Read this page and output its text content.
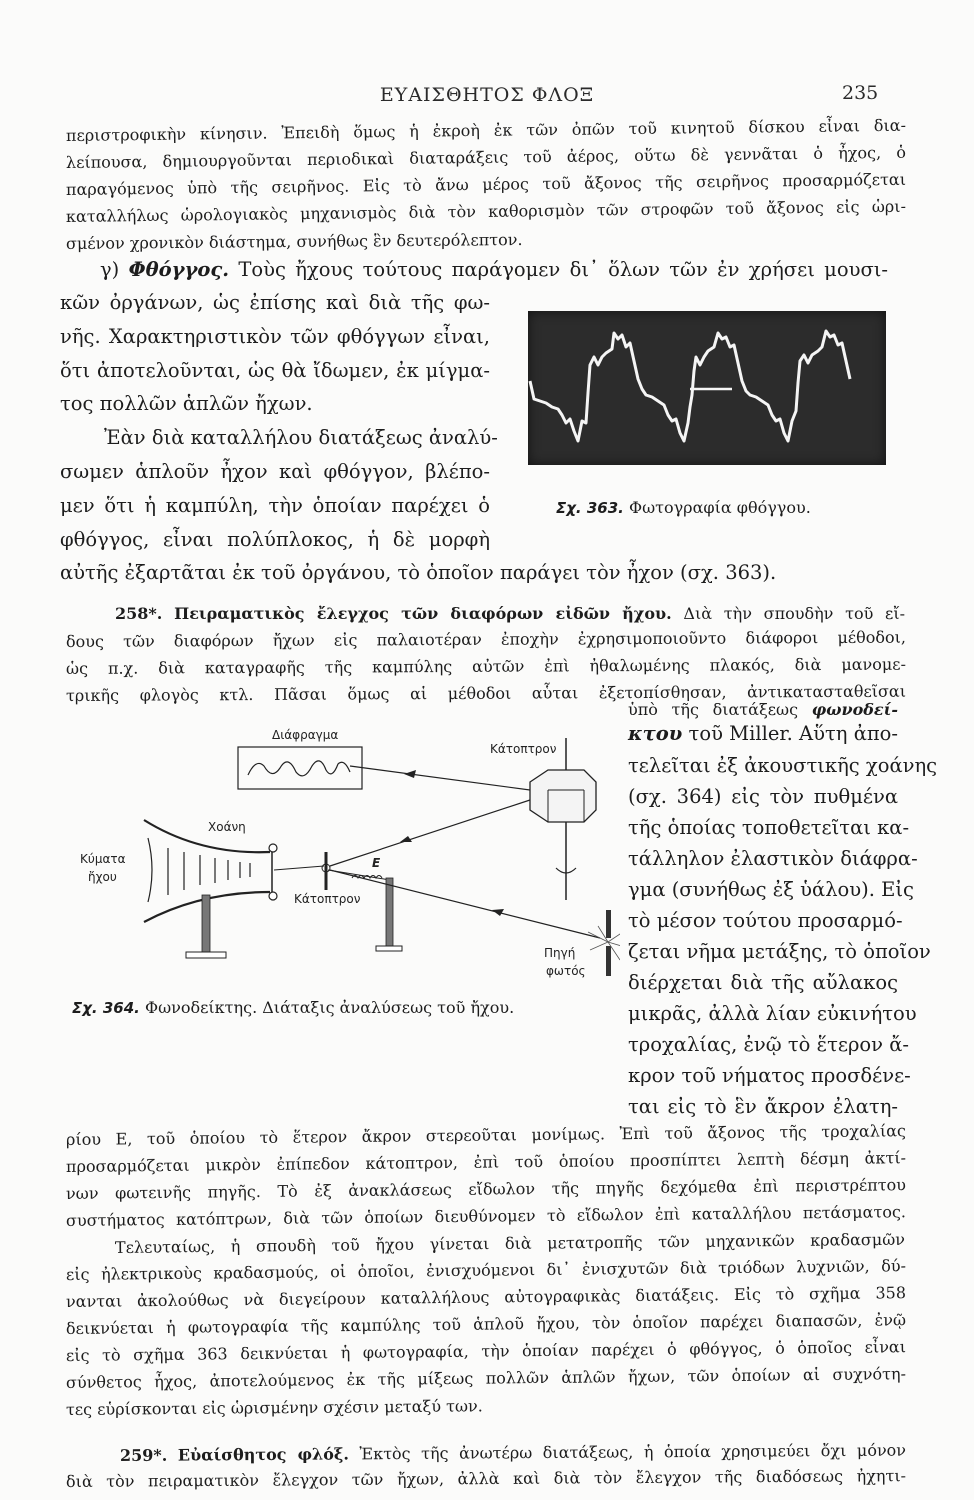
ΕΥΑΙΣΘΗΤΟΣ ΦΛΟΞ	235
περιστροφικὴν κίνησιν. Ἐπειδὴ ὅμως ἡ ἐκροὴ ἐκ τῶν ὀπῶν τοῦ κινητοῦ δίσκου εἶναι δια-
λείπουσα, δημιουργοῦνται περιοδικαὶ διαταράξεις τοῦ ἀέρος, οὕτω δὲ γεννᾶται ὁ ἦχος, ὁ
παραγόμενος ὑπὸ τῆς σειρῆνος. Εἰς τὸ ἄνω μέρος τοῦ ἄξονος τῆς σειρῆνος προσαρμόζεται
καταλλήλως ὡρολογιακὸς μηχανισμὸς διὰ τὸν καθορισμὸν τῶν στροφῶν τοῦ ἄξονος εἰς ὡρι-
σμένον χρονικὸν διάστημα, συνήθως ἓν δευτερόλεπτον.
γ) Φθόγγος. Τοὺς ἤχους τούτους παράγομεν δι᾽ ὅλων τῶν ἐν χρήσει μουσι-
κῶν ὀργάνων, ὡς ἐπίσης καὶ διὰ τῆς φω-
νῆς. Χαρακτηριστικὸν τῶν φθόγγων εἶναι,
ὅτι ἀποτελοῦνται, ὡς θὰ ἴδωμεν, ἐκ μίγμα-
τος πολλῶν ἁπλῶν ἤχων.
Ἐὰν διὰ καταλλήλου διατάξεως ἀναλύ-
σωμεν ἁπλοῦν ἦχον καὶ φθόγγον, βλέπο-
μεν ὅτι ἡ καμπύλη, τὴν ὁποίαν παρέχει ὁ
φθόγγος, εἶναι πολύπλοκος, ἡ δὲ μορφὴ
αὐτῆς ἐξαρτᾶται ἐκ τοῦ ὀργάνου, τὸ ὁποῖον παράγει τὸν ἦχον (σχ. 363).
Σχ. 363. Φωτογραφία φθόγγου.
258*. Πειραματικὸς ἔλεγχος τῶν διαφόρων εἰδῶν ἤχου. Διὰ τὴν σπουδὴν τοῦ εἴ-
δους τῶν διαφόρων ἤχων εἰς παλαιοτέραν ἐποχὴν ἐχρησιμοποιοῦντο διάφοροι μέθοδοι,
ὡς π.χ. διὰ καταγραφῆς τῆς καμπύλης αὐτῶν ἐπὶ ἠθαλωμένης πλακός, διὰ μανομε-
τρικῆς φλογὸς κτλ. Πᾶσαι ὅμως αἱ μέθοδοι αὗται ἐξετοπίσθησαν, ἀντικατασταθεῖσαι
ὑπὸ τῆς διατάξεως φωνοδεί-
κτου τοῦ Miller. Αὕτη ἀπο-
τελεῖται ἐξ ἀκουστικῆς χοάνης
(σχ. 364) εἰς τὸν πυθμένα
τῆς ὁποίας τοποθετεῖται κα-
τάλληλον ἐλαστικὸν διάφρα-
γμα (συνήθως ἐξ ὑάλου). Εἰς
τὸ μέσον τούτου προσαρμό-
ζεται νῆμα μετάξης, τὸ ὁποῖον
διέρχεται διὰ τῆς αὔλακος
μικρᾶς, ἀλλὰ λίαν εὐκινήτου
τροχαλίας, ἐνῷ τὸ ἕτερον ἄ-
κρον τοῦ νήματος προσδένε-
ται εἰς τὸ ἓν ἄκρον ἐλατη-
ρίου Ε, τοῦ ὁποίου τὸ ἕτερον ἄκρον στερεοῦται μονίμως. Ἐπὶ τοῦ ἄξονος τῆς τροχαλίας
προσαρμόζεται μικρὸν ἐπίπεδον κάτοπτρον, ἐπὶ τοῦ ὁποίου προσπίπτει λεπτὴ δέσμη ἀκτί-
νων φωτεινῆς πηγῆς. Τὸ ἐξ ἀνακλάσεως εἴδωλον τῆς πηγῆς δεχόμεθα ἐπὶ περιστρέπτου
συστήματος κατόπτρων, διὰ τῶν ὁποίων διευθύνομεν τὸ εἴδωλον ἐπὶ καταλλήλου πετάσματος.
Τελευταίως, ἡ σπουδὴ τοῦ ἤχου γίνεται διὰ μετατροπῆς τῶν μηχανικῶν κραδασμῶν
εἰς ἠλεκτρικοὺς κραδασμούς, οἱ ὁποῖοι, ἐνισχυόμενοι δι᾽ ἐνισχυτῶν διὰ τριόδων λυχνιῶν, δύ-
νανται ἀκολούθως νὰ διεγείρουν καταλλήλους αὐτογραφικὰς διατάξεις. Εἰς τὸ σχῆμα 358
δεικνύεται ἡ φωτογραφία τῆς καμπύλης τοῦ ἁπλοῦ ἤχου, τὸν ὁποῖον παρέχει διαπασῶν, ἐνῷ
εἰς τὸ σχῆμα 363 δεικνύεται ἡ φωτογραφία, τὴν ὁποίαν παρέχει ὁ φθόγγος, ὁ ὁποῖος εἶναι
σύνθετος ἦχος, ἀποτελούμενος ἐκ τῆς μίξεως πολλῶν ἁπλῶν ἤχων, τῶν ὁποίων αἱ συχνότη-
τες εὑρίσκονται εἰς ὡρισμένην σχέσιν μεταξύ των.
Διάφραγμα
Κάτοπτρον
Χοάνη
Κύματα
ἤχου
E
Κάτοπτρον
Πηγή
φωτός
Σχ. 364. Φωνοδείκτης. Διάταξις ἀναλύσεως τοῦ ἤχου.
259*. Εὐαίσθητος φλόξ. Ἐκτὸς τῆς ἀνωτέρω διατάξεως, ἡ ὁποία χρησιμεύει ὄχι μόνον
διὰ τὸν πειραματικὸν ἔλεγχον τῶν ἤχων, ἀλλὰ καὶ διὰ τὸν ἔλεγχον τῆς διαδόσεως ἠχητι-
